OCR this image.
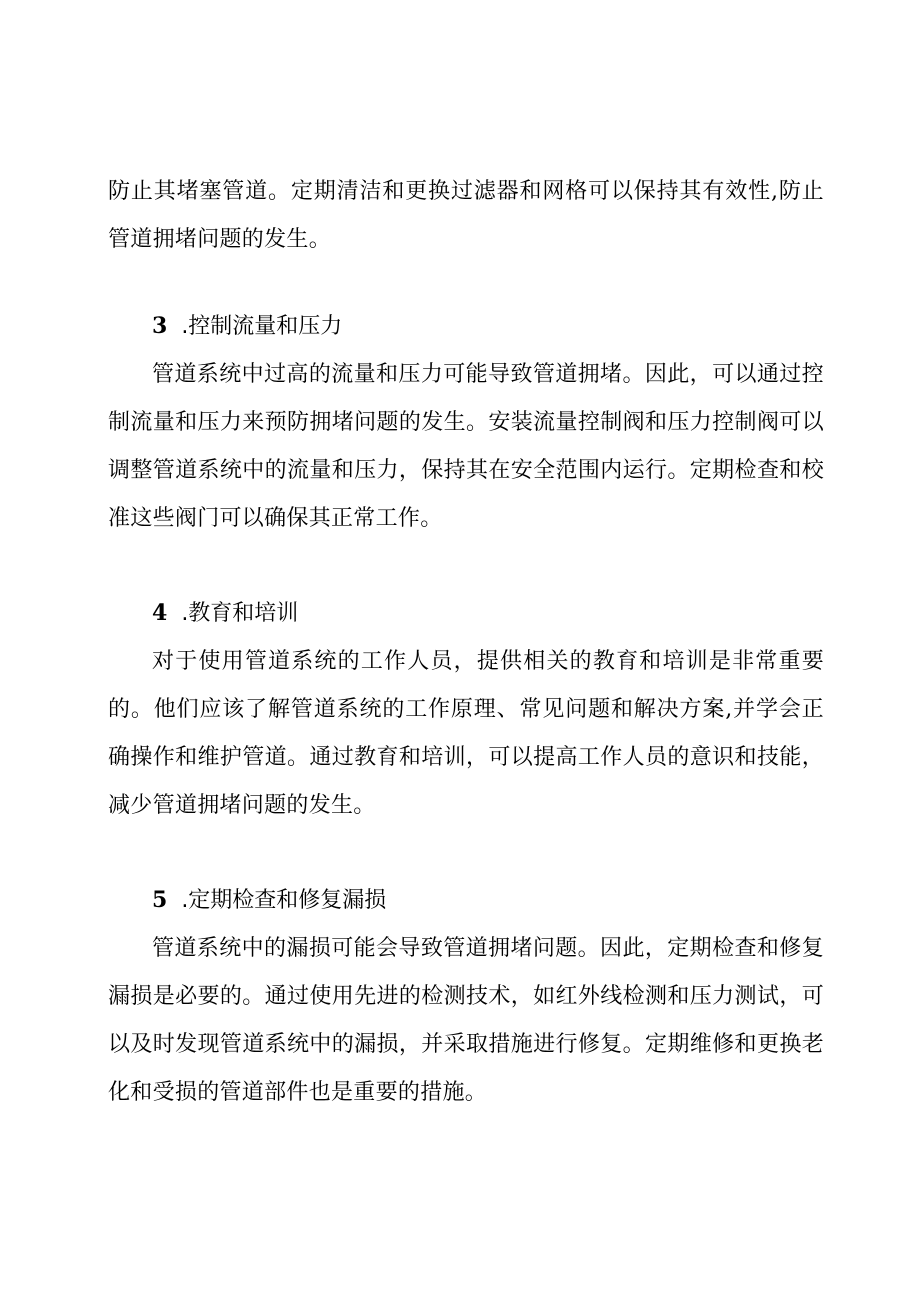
防止其堵塞管道。定期清洁和更换过滤器和网格可以保持其有效性,防止管道拥堵问题的发生。

3 .控制流量和压力

管道系统中过高的流量和压力可能导致管道拥堵。因此，可以通过控制流量和压力来预防拥堵问题的发生。安装流量控制阀和压力控制阀可以调整管道系统中的流量和压力，保持其在安全范围内运行。定期检查和校准这些阀门可以确保其正常工作。

4 .教育和培训

对于使用管道系统的工作人员，提供相关的教育和培训是非常重要的。他们应该了解管道系统的工作原理、常见问题和解决方案,并学会正确操作和维护管道。通过教育和培训，可以提高工作人员的意识和技能，减少管道拥堵问题的发生。

5 .定期检查和修复漏损

管道系统中的漏损可能会导致管道拥堵问题。因此，定期检查和修复漏损是必要的。通过使用先进的检测技术，如红外线检测和压力测试，可以及时发现管道系统中的漏损，并采取措施进行修复。定期维修和更换老化和受损的管道部件也是重要的措施。
